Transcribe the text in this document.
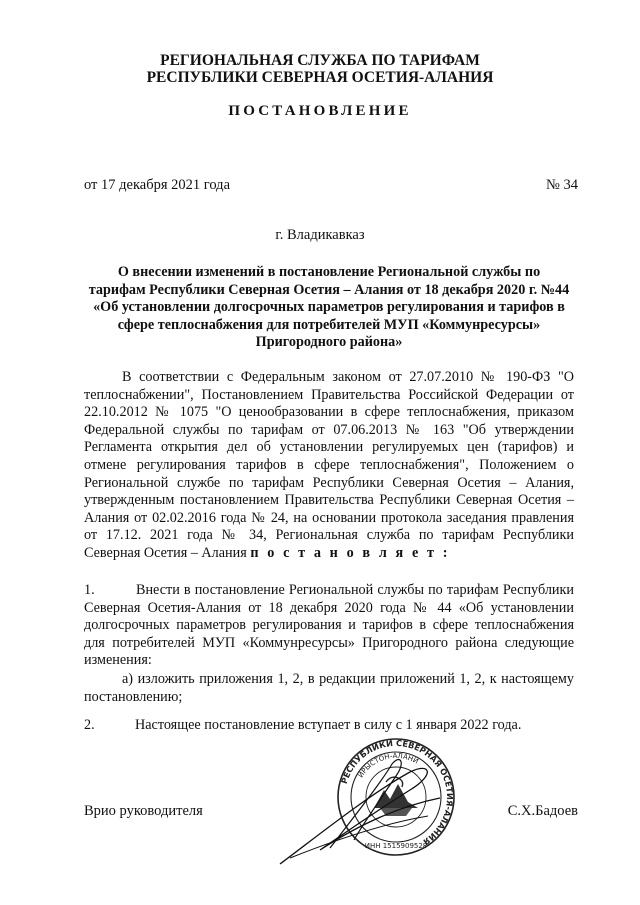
РЕГИОНАЛЬНАЯ СЛУЖБА ПО ТАРИФАМ
РЕСПУБЛИКИ СЕВЕРНАЯ ОСЕТИЯ-АЛАНИЯ
ПОСТАНОВЛЕНИЕ
от 17 декабря 2021 года	№ 34
г. Владикавказ
О внесении изменений в постановление Региональной службы по
тарифам Республики Северная Осетия – Алания от 18 декабря 2020 г. №44
«Об установлении долгосрочных параметров регулирования и тарифов в
сфере теплоснабжения для потребителей МУП «Коммунресурсы»
Пригородного района»
В соответствии с Федеральным законом от 27.07.2010 № 190-ФЗ "О теплоснабжении", Постановлением Правительства Российской Федерации от 22.10.2012 № 1075 "О ценообразовании в сфере теплоснабжения, приказом Федеральной службы по тарифам от 07.06.2013 № 163 "Об утверждении Регламента открытия дел об установлении регулируемых цен (тарифов) и отмене регулирования тарифов в сфере теплоснабжения", Положением о Региональной службе по тарифам Республики Северная Осетия – Алания, утвержденным постановлением Правительства Республики Северная Осетия – Алания от 02.02.2016 года № 24, на основании протокола заседания правления от 17.12. 2021 года № 34, Региональная служба по тарифам Республики Северная Осетия – Алания п о с т а н о в л я е т :
1.	Внести в постановление Региональной службы по тарифам Республики Северная Осетия-Алания от 18 декабря 2020 года № 44 «Об установлении долгосрочных параметров регулирования и тарифов в сфере теплоснабжения для потребителей МУП «Коммунресурсы» Пригородного района следующие изменения:
а) изложить приложения 1, 2, в редакции приложений 1, 2, к настоящему постановлению;
2.	Настоящее постановление вступает в силу с 1 января 2022 года.
РЕСПУБЛИКИ СЕВЕРНАЯ ОСЕТИЯ-АЛАНИЯ
ИРЫСТОН-АЛАНИ
ИНН 1515909528
Врио руководителя	С.Х.Бадоев
